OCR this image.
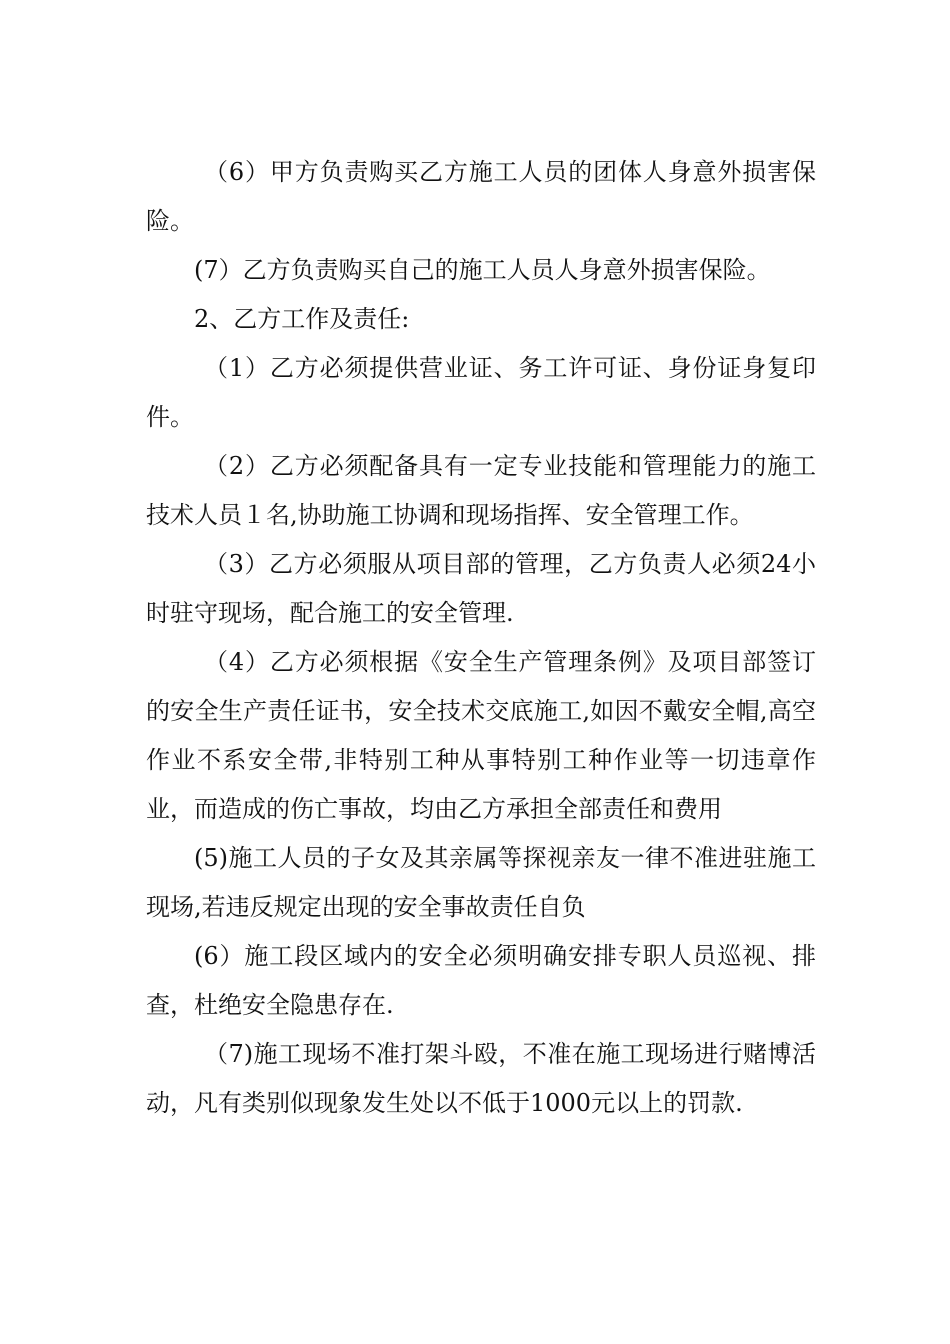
（6）甲方负责购买乙方施工人员的团体人身意外损害保险。

(7）乙方负责购买自己的施工人员人身意外损害保险。

2、乙方工作及责任:

（1）乙方必须提供营业证、务工许可证、身份证身复印件。

（2）乙方必须配备具有一定专业技能和管理能力的施工技术人员１名,协助施工协调和现场指挥、安全管理工作。

（3）乙方必须服从项目部的管理，乙方负责人必须24小时驻守现场，配合施工的安全管理.

（4）乙方必须根据《安全生产管理条例》及项目部签订的安全生产责任证书，安全技术交底施工,如因不戴安全帽,高空作业不系安全带,非特别工种从事特别工种作业等一切违章作业，而造成的伤亡事故，均由乙方承担全部责任和费用

(5)施工人员的子女及其亲属等探视亲友一律不准进驻施工现场,若违反规定出现的安全事故责任自负

(6）施工段区域内的安全必须明确安排专职人员巡视、排查，杜绝安全隐患存在.

（7)施工现场不准打架斗殴，不准在施工现场进行赌博活动，凡有类别似现象发生处以不低于1000元以上的罚款.
